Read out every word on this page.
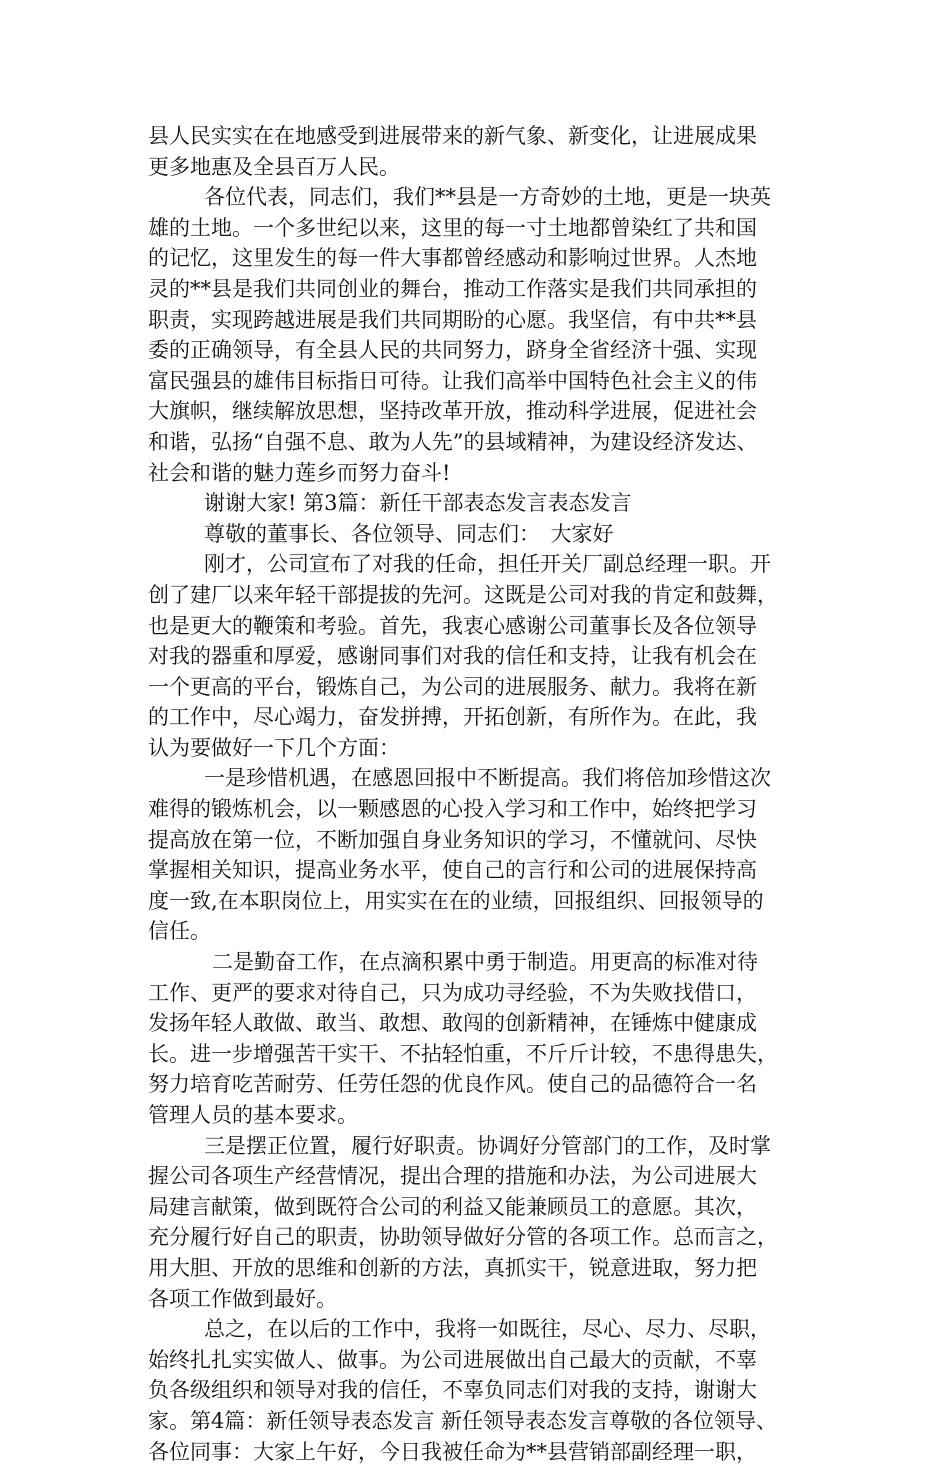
县人民实实在在地感受到进展带来的新气象、新变化，让进展成果
更多地惠及全县百万人民。
各位代表，同志们，我们**县是一方奇妙的土地，更是一块英
雄的土地。一个多世纪以来，这里的每一寸土地都曾染红了共和国
的记忆，这里发生的每一件大事都曾经感动和影响过世界。人杰地
灵的**县是我们共同创业的舞台，推动工作落实是我们共同承担的
职责，实现跨越进展是我们共同期盼的心愿。我坚信，有中共**县
委的正确领导，有全县人民的共同努力，跻身全省经济十强、实现
富民强县的雄伟目标指日可待。让我们高举中国特色社会主义的伟
大旗帜，继续解放思想，坚持改革开放，推动科学进展，促进社会
和谐，弘扬“自强不息、敢为人先”的县域精神，为建设经济发达、
社会和谐的魅力莲乡而努力奋斗!
谢谢大家! 第3篇：新任干部表态发言表态发言
尊敬的董事长、各位领导、同志们：　大家好
刚才，公司宣布了对我的任命，担任开关厂副总经理一职。开
创了建厂以来年轻干部提拔的先河。这既是公司对我的肯定和鼓舞，
也是更大的鞭策和考验。首先，我衷心感谢公司董事长及各位领导
对我的器重和厚爱，感谢同事们对我的信任和支持，让我有机会在
一个更高的平台，锻炼自己，为公司的进展服务、献力。我将在新
的工作中，尽心竭力，奋发拼搏，开拓创新，有所作为。在此，我
认为要做好一下几个方面：
一是珍惜机遇，在感恩回报中不断提高。我们将倍加珍惜这次
难得的锻炼机会，以一颗感恩的心投入学习和工作中，始终把学习
提高放在第一位，不断加强自身业务知识的学习，不懂就问、尽快
掌握相关知识，提高业务水平，使自己的言行和公司的进展保持高
度一致,在本职岗位上，用实实在在的业绩，回报组织、回报领导的
信任。
二是勤奋工作，在点滴积累中勇于制造。用更高的标准对待
工作、更严的要求对待自己，只为成功寻经验，不为失败找借口，
发扬年轻人敢做、敢当、敢想、敢闯的创新精神，在锤炼中健康成
长。进一步增强苦干实干、不拈轻怕重，不斤斤计较，不患得患失，
努力培育吃苦耐劳、任劳任怨的优良作风。使自己的品德符合一名
管理人员的基本要求。
三是摆正位置，履行好职责。协调好分管部门的工作，及时掌
握公司各项生产经营情况，提出合理的措施和办法，为公司进展大
局建言献策，做到既符合公司的利益又能兼顾员工的意愿。其次，
充分履行好自己的职责，协助领导做好分管的各项工作。总而言之，
用大胆、开放的思维和创新的方法，真抓实干，锐意进取，努力把
各项工作做到最好。
总之，在以后的工作中，我将一如既往，尽心、尽力、尽职，
始终扎扎实实做人、做事。为公司进展做出自己最大的贡献，不辜
负各级组织和领导对我的信任，不辜负同志们对我的支持，谢谢大
家。第4篇：新任领导表态发言 新任领导表态发言尊敬的各位领导、
各位同事：大家上午好，今日我被任命为**县营销部副经理一职，
